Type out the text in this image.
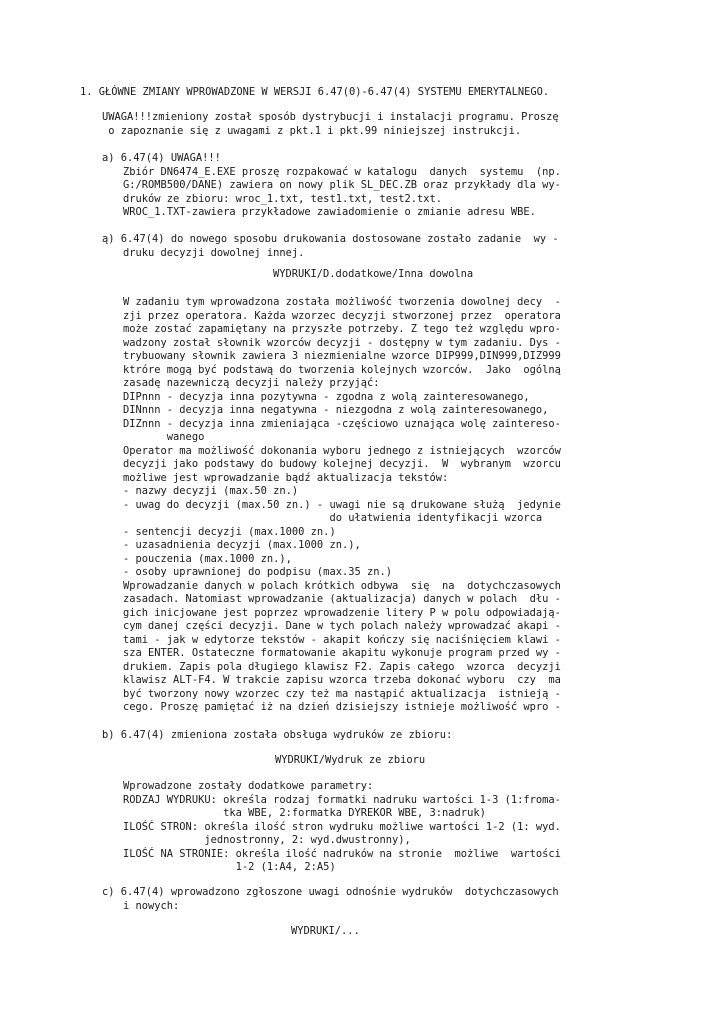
1. GŁÓWNE ZMIANY WPROWADZONE W WERSJI 6.47(0)-6.47(4) SYSTEMU EMERYTALNEGO.
UWAGA!!!zmieniony został sposób dystrybucji i instalacji programu. Proszę
o zapoznanie się z uwagami z pkt.1 i pkt.99 niniejszej instrukcji.
a) 6.47(4) UWAGA!!!
Zbiór DN6474_E.EXE proszę rozpakować w katalogu  danych  systemu  (np.
G:/ROMB500/DANE) zawiera on nowy plik SL_DEC.ZB oraz przykłady dla wy-
druków ze zbioru: wroc_1.txt, test1.txt, test2.txt.
WROC_1.TXT-zawiera przykładowe zawiadomienie o zmianie adresu WBE.
ą) 6.47(4) do nowego sposobu drukowania dostosowane zostało zadanie  wy -
druku decyzji dowolnej innej.
WYDRUKI/D.dodatkowe/Inna dowolna
W zadaniu tym wprowadzona została możliwość tworzenia dowolnej decy  -
zji przez operatora. Każda wzorzec decyzji stworzonej przez  operatora
może zostać zapamiętany na przyszłe potrzeby. Z tego też względu wpro-
wadzony został słownik wzorców decyzji - dostępny w tym zadaniu. Dys -
trybuowany słownik zawiera 3 niezmienialne wzorce DIP999,DIN999,DIZ999
ktróre mogą być podstawą do tworzenia kolejnych wzorców.  Jako  ogólną
zasadę nazewniczą decyzji należy przyjąć:
DIPnnn - decyzja inna pozytywna - zgodna z wolą zainteresowanego,
DINnnn - decyzja inna negatywna - niezgodna z wolą zainteresowanego,
DIZnnn - decyzja inna zmieniająca -częściowo uznająca wolę zaintereso-
wanego
Operator ma możliwość dokonania wyboru jednego z istniejących  wzorców
decyzji jako podstawy do budowy kolejnej decyzji.  W  wybranym  wzorcu
możliwe jest wprowadzanie bądź aktualizacja tekstów:
- nazwy decyzji (max.50 zn.)
- uwag do decyzji (max.50 zn.) - uwagi nie są drukowane służą  jedynie
do ułatwienia identyfikacji wzorca
- sentencji decyzji (max.1000 zn.)
- uzasadnienia decyzji (max.1000 zn.),
- pouczenia (max.1000 zn.),
- osoby uprawnionej do podpisu (max.35 zn.)
Wprowadzanie danych w polach krótkich odbywa  się  na  dotychczasowych
zasadach. Natomiast wprowadzanie (aktualizacja) danych w polach  dłu -
gich inicjowane jest poprzez wprowadzenie litery P w polu odpowiadają-
cym danej części decyzji. Dane w tych polach należy wprowadzać akapi -
tami - jak w edytorze tekstów - akapit kończy się naciśnięciem klawi -
sza ENTER. Ostateczne formatowanie akapitu wykonuje program przed wy -
drukiem. Zapis pola długiego klawisz F2. Zapis całego  wzorca  decyzji
klawisz ALT-F4. W trakcie zapisu wzorca trzeba dokonać wyboru  czy  ma
być tworzony nowy wzorzec czy też ma nastąpić aktualizacja  istnieją -
cego. Proszę pamiętać iż na dzień dzisiejszy istnieje możliwość wpro -
b) 6.47(4) zmieniona została obsługa wydruków ze zbioru:
WYDRUKI/Wydruk ze zbioru
Wprowadzone zostały dodatkowe parametry:
RODZAJ WYDRUKU: określa rodzaj formatki nadruku wartości 1-3 (1:froma-
tka WBE, 2:formatka DYREKOR WBE, 3:nadruk)
ILOŚĆ STRON: określa ilość stron wydruku możliwe wartości 1-2 (1: wyd.
jednostronny, 2: wyd.dwustronny),
ILOŚĆ NA STRONIE: określa ilość nadruków na stronie  możliwe  wartości
1-2 (1:A4, 2:A5)
c) 6.47(4) wprowadzono zgłoszone uwagi odnośnie wydruków  dotychczasowych
i nowych:
WYDRUKI/...
